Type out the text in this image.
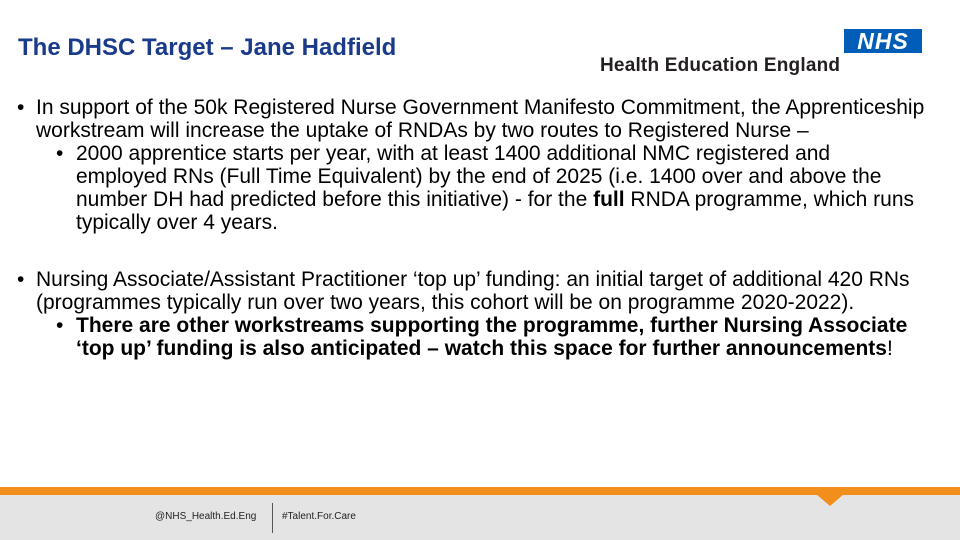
The DHSC Target – Jane Hadfield	NHS
Health Education England
• In support of the 50k Registered Nurse Government Manifesto Commitment, the Apprenticeship workstream will increase the uptake of RNDAs by two routes to Registered Nurse –
• 2000 apprentice starts per year, with at least 1400 additional NMC registered and employed RNs (Full Time Equivalent) by the end of 2025 (i.e. 1400 over and above the number DH had predicted before this initiative) - for the full RNDA programme, which runs typically over 4 years.
• Nursing Associate/Assistant Practitioner ‘top up’ funding: an initial target of additional 420 RNs (programmes typically run over two years, this cohort will be on programme 2020-2022).
• There are other workstreams supporting the programme, further Nursing Associate ‘top up’ funding is also anticipated – watch this space for further announcements!
@NHS_Health.Ed.Eng	#Talent.For.Care
